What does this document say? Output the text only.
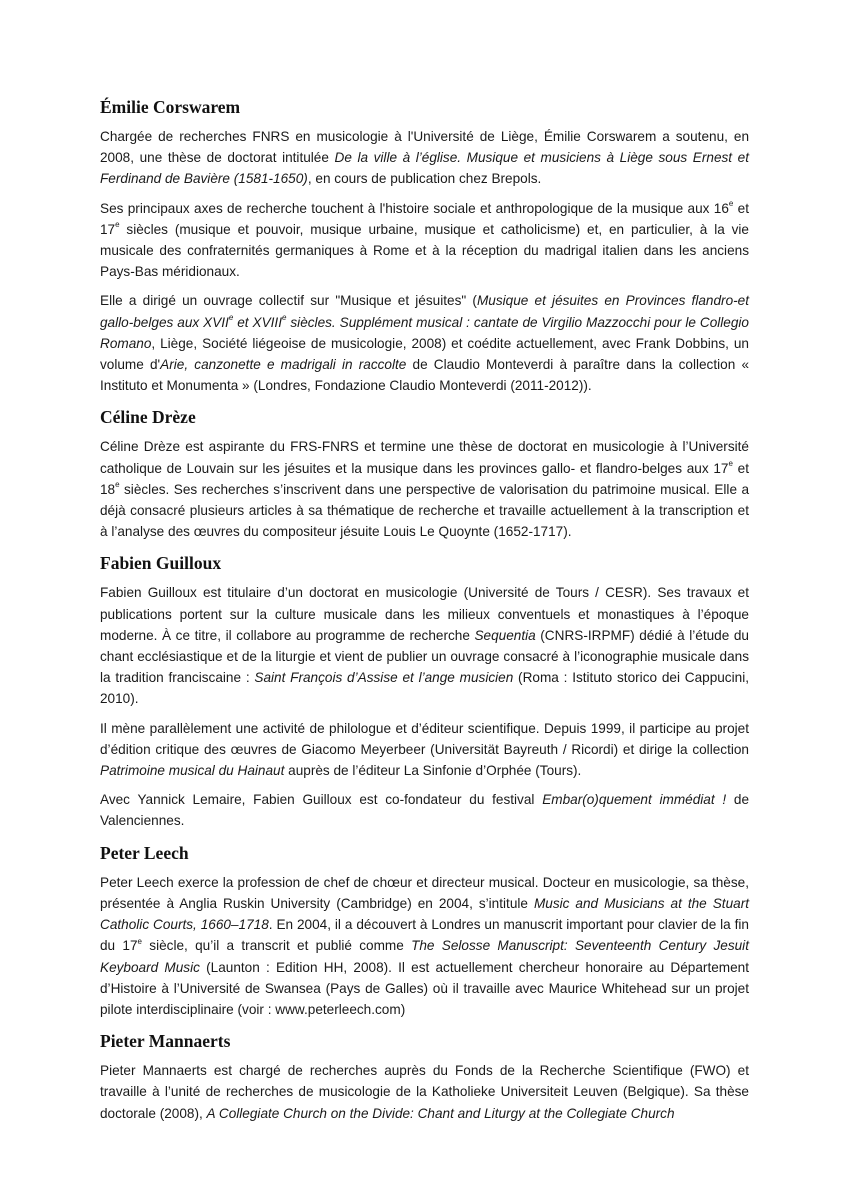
Émilie Corswarem

Chargée de recherches FNRS en musicologie à l'Université de Liège, Émilie Corswarem a soutenu, en 2008, une thèse de doctorat intitulée De la ville à l’église. Musique et musiciens à Liège sous Ernest et Ferdinand de Bavière (1581-1650), en cours de publication chez Brepols.

Ses principaux axes de recherche touchent à l'histoire sociale et anthropologique de la musique aux 16e et 17e siècles (musique et pouvoir, musique urbaine, musique et catholicisme) et, en particulier, à la vie musicale des confraternités germaniques à Rome et à la réception du madrigal italien dans les anciens Pays-Bas méridionaux.

Elle a dirigé un ouvrage collectif sur "Musique et jésuites" (Musique et jésuites en Provinces flandro-et gallo-belges aux XVIIe et XVIIIe siècles. Supplément musical : cantate de Virgilio Mazzocchi pour le Collegio Romano, Liège, Société liégeoise de musicologie, 2008) et coédite actuellement, avec Frank Dobbins, un volume d'Arie, canzonette e madrigali in raccolte de Claudio Monteverdi à paraître dans la collection « Instituto et Monumenta » (Londres, Fondazione Claudio Monteverdi (2011-2012)).

Céline Drèze

Céline Drèze est aspirante du FRS-FNRS et termine une thèse de doctorat en musicologie à l’Université catholique de Louvain sur les jésuites et la musique dans les provinces gallo- et flandro-belges aux 17e et 18e siècles. Ses recherches s’inscrivent dans une perspective de valorisation du patrimoine musical. Elle a déjà consacré plusieurs articles à sa thématique de recherche et travaille actuellement à la transcription et à l’analyse des œuvres du compositeur jésuite Louis Le Quoynte (1652-1717).

Fabien Guilloux

Fabien Guilloux est titulaire d’un doctorat en musicologie (Université de Tours / CESR). Ses travaux et publications portent sur la culture musicale dans les milieux conventuels et monastiques à l’époque moderne. À ce titre, il collabore au programme de recherche Sequentia (CNRS-IRPMF) dédié à l’étude du chant ecclésiastique et de la liturgie et vient de publier un ouvrage consacré à l’iconographie musicale dans la tradition franciscaine : Saint François d’Assise et l’ange musicien (Roma : Istituto storico dei Cappucini, 2010).

Il mène parallèlement une activité de philologue et d’éditeur scientifique. Depuis 1999, il participe au projet d’édition critique des œuvres de Giacomo Meyerbeer (Universität Bayreuth / Ricordi) et dirige la collection Patrimoine musical du Hainaut auprès de l’éditeur La Sinfonie d’Orphée (Tours).

Avec Yannick Lemaire, Fabien Guilloux est co-fondateur du festival Embar(o)quement immédiat ! de Valenciennes.

Peter Leech

Peter Leech exerce la profession de chef de chœur et directeur musical. Docteur en musicologie, sa thèse, présentée à Anglia Ruskin University (Cambridge) en 2004, s’intitule Music and Musicians at the Stuart Catholic Courts, 1660–1718. En 2004, il a découvert à Londres un manuscrit important pour clavier de la fin du 17e siècle, qu’il a transcrit et publié comme The Selosse Manuscript: Seventeenth Century Jesuit Keyboard Music (Launton : Edition HH, 2008). Il est actuellement chercheur honoraire au Département d’Histoire à l’Université de Swansea (Pays de Galles) où il travaille avec Maurice Whitehead sur un projet pilote interdisciplinaire (voir : www.peterleech.com)

Pieter Mannaerts

Pieter Mannaerts est chargé de recherches auprès du Fonds de la Recherche Scientifique (FWO) et travaille à l’unité de recherches de musicologie de la Katholieke Universiteit Leuven (Belgique). Sa thèse doctorale (2008), A Collegiate Church on the Divide: Chant and Liturgy at the Collegiate Church
